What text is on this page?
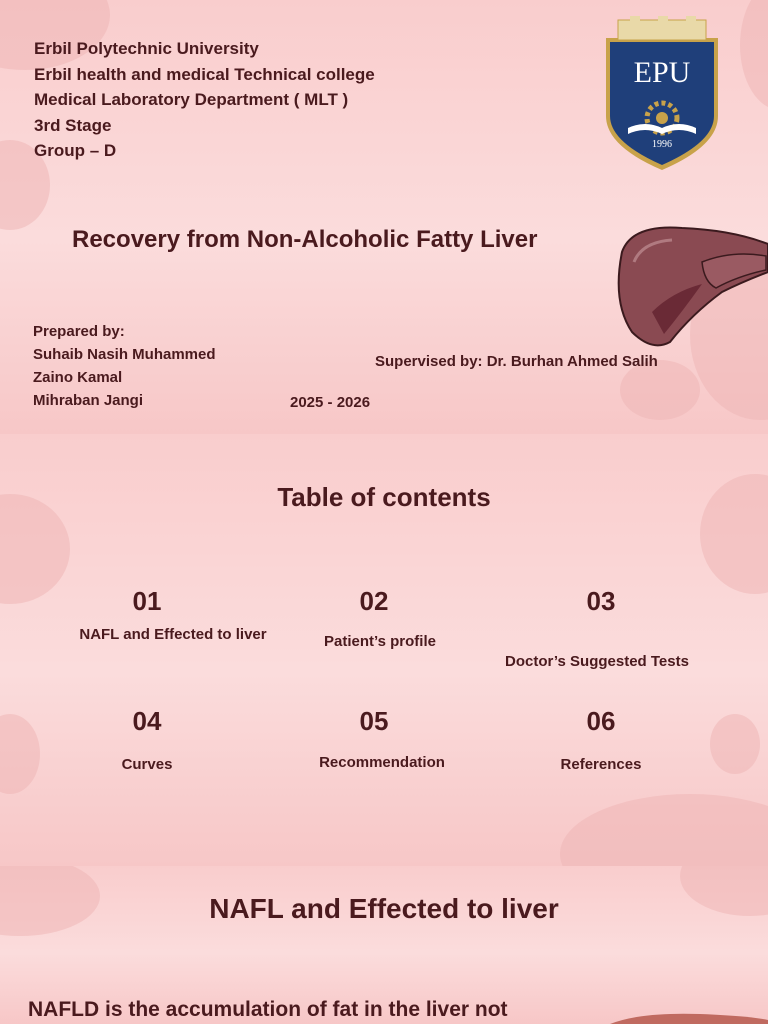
Erbil Polytechnic University
Erbil health and medical Technical college
Medical Laboratory Department ( MLT )
3rd Stage
Group – D
EPU
1996
Recovery from Non-Alcoholic Fatty Liver
Prepared by:
Suhaib Nasih Muhammed
Zaino Kamal
Mihraban Jangi
Supervised by: Dr. Burhan Ahmed Salih
2025 - 2026
Table of contents
01
NAFL and Effected to liver
02
Patient’s profile
03
Doctor’s Suggested Tests
04
Curves
05
Recommendation
06
References
NAFL and Effected to liver
NAFLD is the accumulation of fat in the liver not
